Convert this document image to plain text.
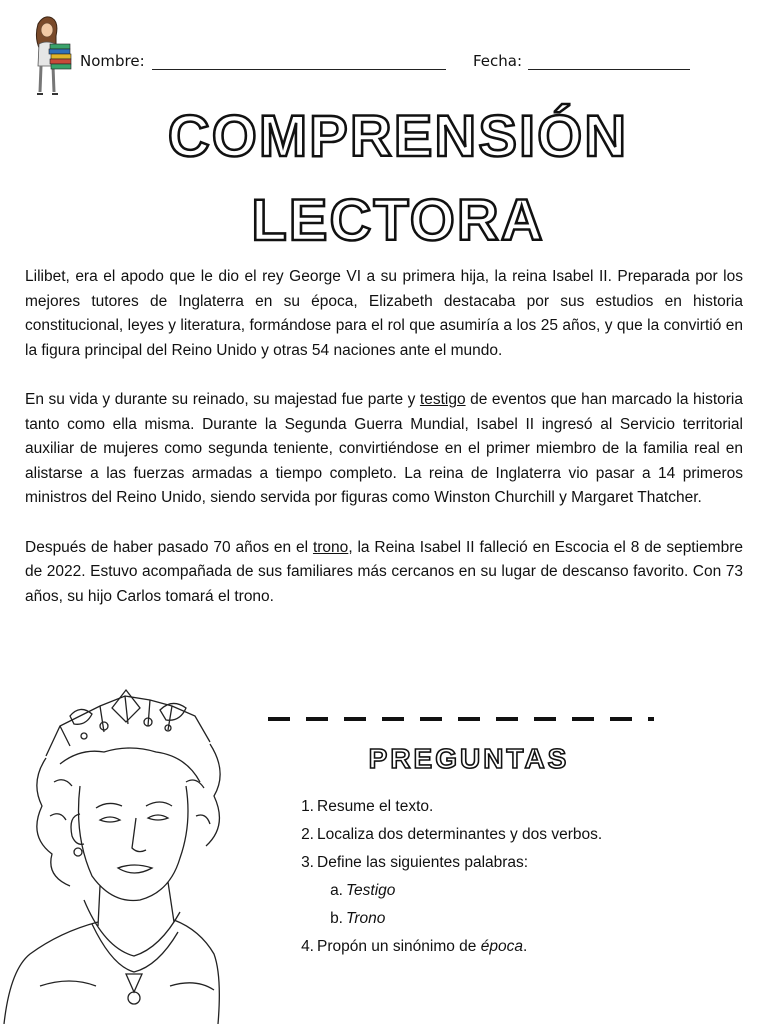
Nombre:	Fecha:
COMPRENSIÓN
LECTORA

Lilibet, era el apodo que le dio el rey George VI a su primera hija, la reina Isabel II. Preparada por los mejores tutores de Inglaterra en su época, Elizabeth destacaba por sus estudios en historia constitucional, leyes y literatura, formándose para el rol que asumiría a los 25 años, y que la convirtió en la figura principal del Reino Unido y otras 54 naciones ante el mundo.

En su vida y durante su reinado, su majestad fue parte y testigo de eventos que han marcado la historia tanto como ella misma. Durante la Segunda Guerra Mundial, Isabel II ingresó al Servicio territorial auxiliar de mujeres como segunda teniente, convirtiéndose en el primer miembro de la familia real en alistarse a las fuerzas armadas a tiempo completo. La reina de Inglaterra vio pasar a 14 primeros ministros del Reino Unido, siendo servida por figuras como Winston Churchill y Margaret Thatcher.

Después de haber pasado 70 años en el trono, la Reina Isabel II falleció en Escocia el 8 de septiembre de 2022. Estuvo acompañada de sus familiares más cercanos en su lugar de descanso favorito. Con 73 años, su hijo Carlos tomará el trono.

PREGUNTAS
1. Resume el texto.
2. Localiza dos determinantes y dos verbos.
3. Define las siguientes palabras:
a. Testigo
b. Trono
4. Propón un sinónimo de época.
